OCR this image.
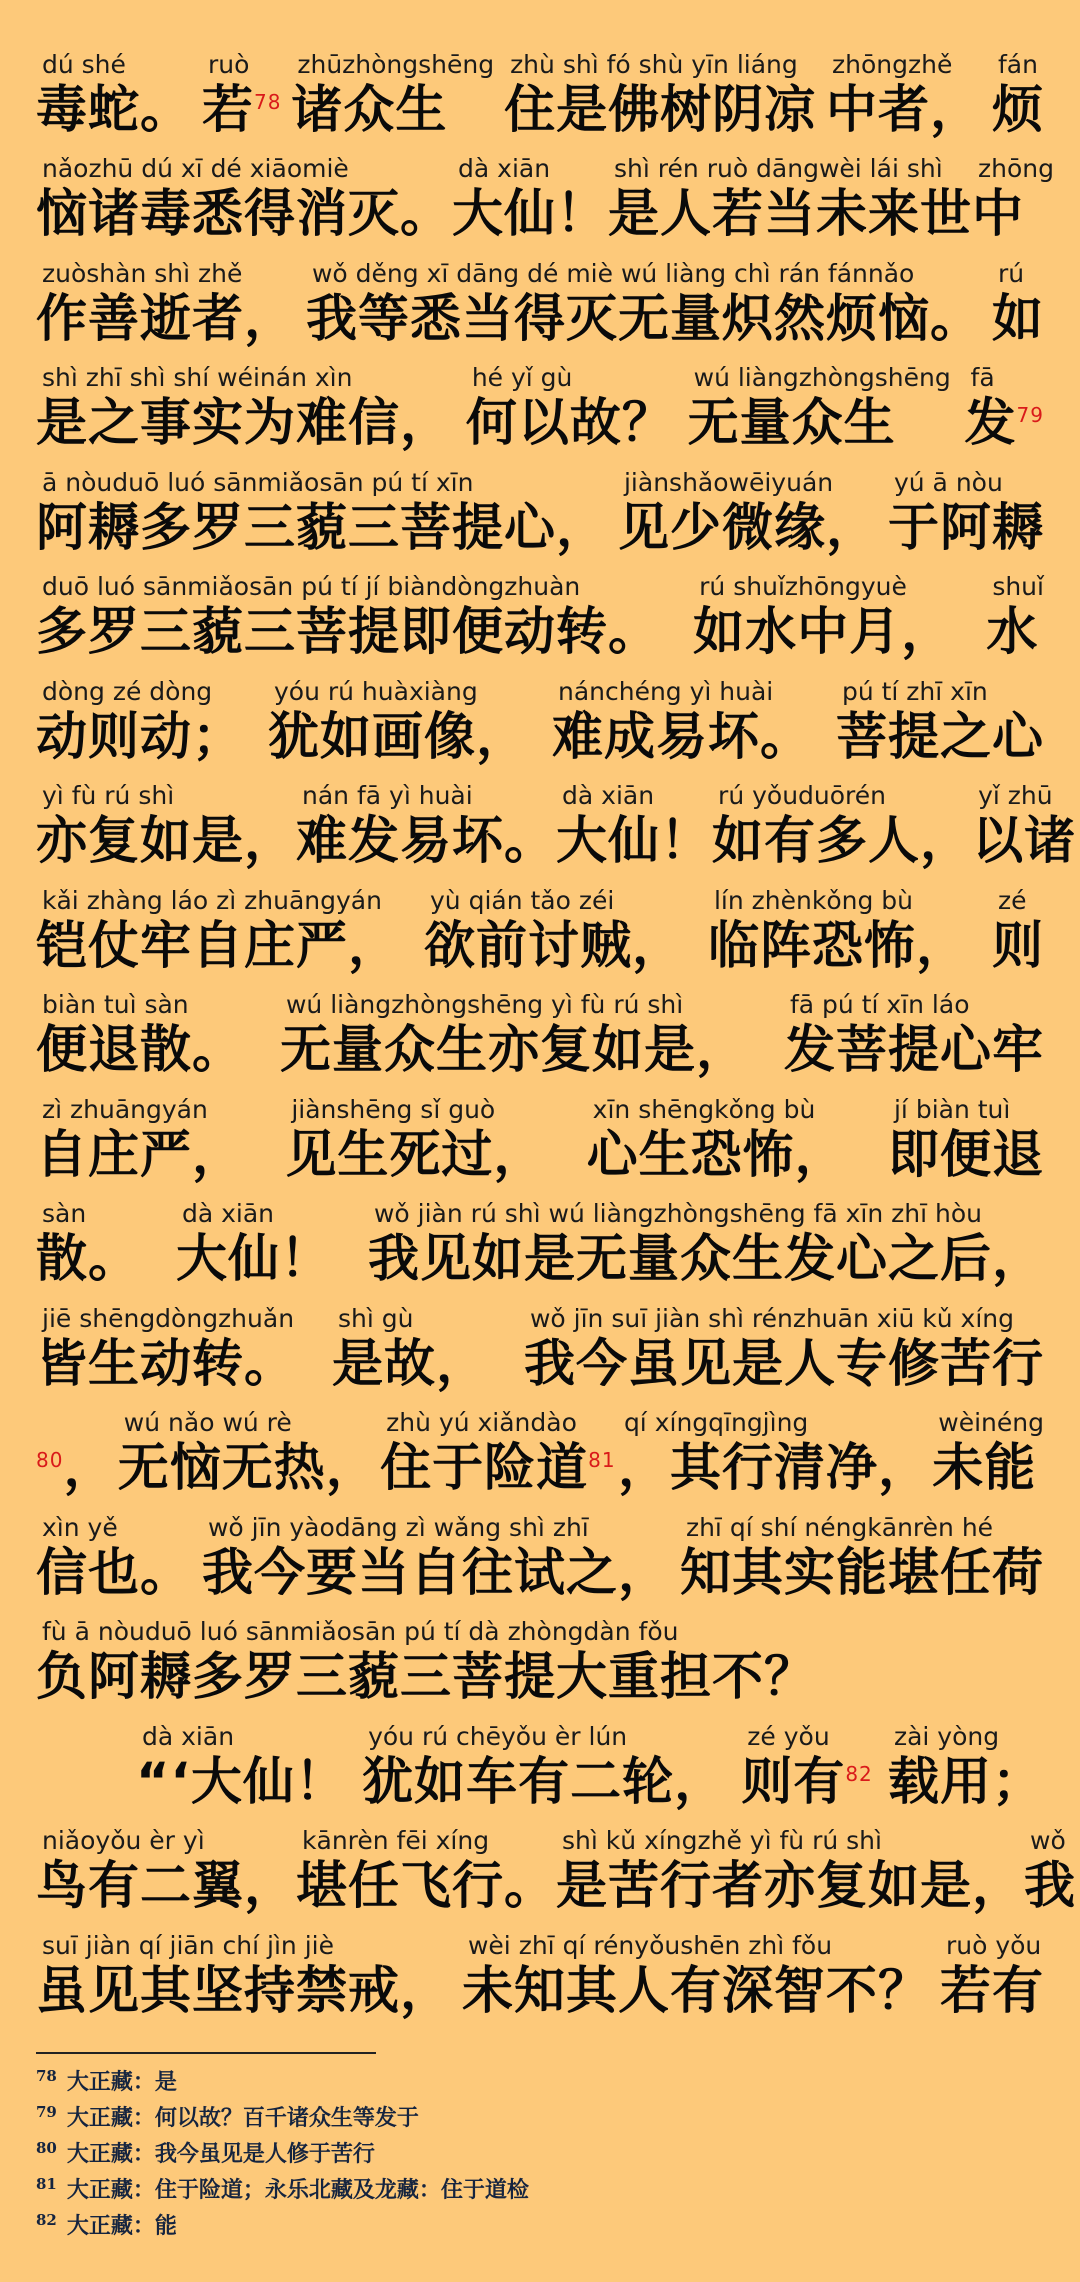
dú shé
毒蛇。
ruò
若$^{78}$
zhūzhòngshēng
诸众生
zhù shì fó shù yīn liáng
住是佛树阴凉
zhōngzhě
中者，
fán
烦
nǎozhū dú xī dé xiāomiè
恼诸毒悉得消灭。
dà xiān
大仙！
shì rén ruò dāngwèi lái shì
是人若当未来世
zhōng
中
zuòshàn shì zhě
作善逝者，
wǒ děng xī dāng dé miè wú liàng chì rán fánnǎo
我等悉当得灭无量炽然烦恼。
rú
如
shì zhī shì shí wéinán xìn
是之事实为难信，
hé yǐ gù
何以故？
wú liàngzhòngshēng
无量众生
fā
发$^{79}$
ā nòuduō luó sānmiǎosān pú tí xīn
阿耨多罗三藐三菩提心，
jiànshǎowēiyuán
见少微缘，
yú ā nòu
于阿耨
duō luó sānmiǎosān pú tí jí biàndòngzhuàn
多罗三藐三菩提即便动转。
rú shuǐzhōngyuè
如水中月，
shuǐ
水
dòng zé dòng
动则动；
yóu rú huàxiàng
犹如画像，
nánchéng yì huài
难成易坏。
pú tí zhī xīn
菩提之心
yì fù rú shì
亦复如是，
nán fā yì huài
难发易坏。
dà xiān
大仙！
rú yǒuduōrén
如有多人，
yǐ zhū
以诸
kǎi zhàng láo zì zhuāngyán
铠仗牢自庄严，
yù qián tǎo zéi
欲前讨贼，
lín zhènkǒng bù
临阵恐怖，
zé
则
biàn tuì sàn
便退散。
wú liàngzhòngshēng yì fù rú shì
无量众生亦复如是，
fā pú tí xīn láo
发菩提心牢
zì zhuāngyán
自庄严，
jiànshēng sǐ guò
见生死过，
xīn shēngkǒng bù
心生恐怖，
jí biàn tuì
即便退
sàn
散。
dà xiān
大仙！
wǒ jiàn rú shì wú liàngzhòngshēng fā xīn zhī hòu
我见如是无量众生发心之后，
jiē shēngdòngzhuǎn
皆生动转。
shì gù
是故，
wǒ jīn suī jiàn shì rénzhuān xiū kǔ xíng
我今虽见是人专修苦行
$^{80}$，
wú nǎo wú rè
无恼无热，
zhù yú xiǎndào
住于险道$^{81}$
qí xíngqīngjìng
，其行清净，
wèinéng
未能
xìn yě
信也。
wǒ jīn yàodāng zì wǎng shì zhī
我今要当自往试之，
zhī qí shí néngkānrèn hé
知其实能堪任荷
fù ā nòuduō luó sānmiǎosān pú tí dà zhòngdàn fǒu
负阿耨多罗三藐三菩提大重担不？
dà xiān
“‘大仙！
yóu rú chēyǒu èr lún
犹如车有二轮，
zé yǒu
则有$^{82}$
zài yòng
载用；
niǎoyǒu èr yì
鸟有二翼，
kānrèn fēi xíng
堪任飞行。
shì kǔ xíngzhě yì fù rú shì
是苦行者亦复如是，
wǒ
我
suī jiàn qí jiān chí jìn jiè
虽见其坚持禁戒，
wèi zhī qí rényǒushēn zhì fǒu
未知其人有深智不？
ruò yǒu
若有
$^{78}$ 大正藏：是
$^{79}$ 大正藏：何以故？百千诸众生等发于
$^{80}$ 大正藏：我今虽见是人修于苦行
$^{81}$ 大正藏：住于险道；永乐北藏及龙藏：住于道检
$^{82}$ 大正藏：能
